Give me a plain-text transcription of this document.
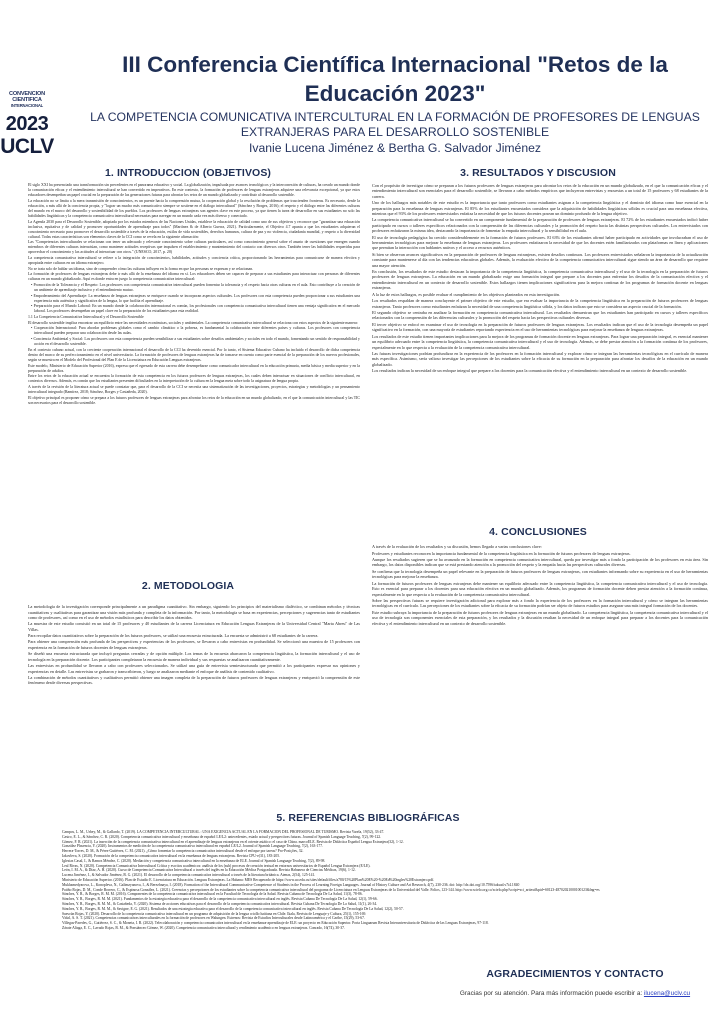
CONVENCION
CIENTIFICA
INTERNACIONAL
2023
UCLV
III Conferencia Científica Internacional "Retos de la Educación 2023"
LA COMPETENCIA COMUNICATIVA INTERCULTURAL EN LA FORMACIÓN DE PROFESORES DE LENGUAS EXTRANJERAS PARA EL DESARROLLO SOSTENIBLE
Ivanie Lucena Jiménez & Bertha G. Salvador Jiménez
1. INTRODUCCION (OBJETIVOS)

El siglo XXI ha presenciado una transformación sin precedentes en el panorama educativo y social. La globalización, impulsada por avances tecnológicos y la interconexión de culturas, ha creado un mundo donde la comunicación eficaz y el entendimiento intercultural se han convertido en imperativos. En este contexto, la formación de profesores de lenguas extranjeras adquiere una relevancia excepcional, ya que estos educadores desempeñan un papel crucial en la preparación de las generaciones futuras para afrontar los retos de un mundo globalizado y contribuir al desarrollo sostenible.

La educación no se limita a la mera transmisión de conocimientos, es un puente hacia la comprensión mutua, la cooperación global y la resolución de problemas que trascienden fronteras. Es necesario, desde la educación, a más allá de la conciencia propia, y "lograr un mucho más comunicativo siempre se sostiene en el diálogo intercultural" (Sánchez y Borges, 2016); el respeto y el diálogo entre las diferentes culturas del mundo en el marco del desarrollo y sostenibilidad de los pueblos. Los profesores de lenguas extranjeras son agentes clave en este proceso, ya que tienen la tarea de desarrollar en sus estudiantes no solo las habilidades lingüísticas y la competencia comunicativa intercultural necesarias para navegar en un mundo cada vez más diverso y conectado.

La Agenda 2030 para el Desarrollo Sostenible, adoptada por los estados miembros de las Naciones Unidas, establece la educación de calidad como uno de sus objetivos y reconoce que "garantizar una educación inclusiva, equitativa y de calidad y promover oportunidades de aprendizaje para todos" (Martínez & de Alberto Guerra, 2021). Particularmente, el Objetivo 4.7 apunta a que los estudiantes adquieran el conocimiento necesario para promover el desarrollo sostenible a través de la educación, estilos de vida sostenibles, derechos humanos, cultura de paz y no violencia, ciudadanía mundial, y respeto a la diversidad cultural. Todas estas características son elementos claves de la CCI como se revela en la siguiente afirmación:

Las "Competencias interculturales se relacionan con tener un adecuado y relevante conocimiento sobre culturas particulares, así como conocimiento general sobre el asunto de cuestiones que emergen cuando miembros de diferentes culturas interactúan, como mantener actitudes receptivas que impulsen el establecimiento y mantenimiento del contacto con diversos otros. También tener las habilidades requeridas para aprovechar el conocimiento y las actitudes al interactuar con otros." (UNESCO, 2017, p. 20)

La competencia comunicativa intercultural se refiere a la integración de conocimientos, habilidades, actitudes y conciencia crítica, proporcionando las herramientas para comunicarse de manera efectiva y apropiada entre culturas en un idioma extranjero.

No se trata solo de hablar un idioma, sino de comprender cómo las culturas influyen en la forma en que las personas se expresan y se relacionan.

La formación de profesores de lenguas extranjeras debe ir más allá de la enseñanza del idioma en sí. Los educadores deben ser capaces de preparar a sus estudiantes para interactuar con personas de diferentes culturas en un mundo globalizado. Aquí es donde entra en juego la competencia comunicativa intercultural:

• Promoción de la Tolerancia y el Respeto: Los profesores con competencia comunicativa intercultural pueden fomentar la tolerancia y el respeto hacia otras culturas en el aula. Esto contribuye a la creación de un ambiente de aprendizaje inclusivo y el entendimiento mutuo.

• Empoderamiento del Aprendizaje: La enseñanza de lenguas extranjeras se enriquece cuando se incorporan aspectos culturales. Los profesores con esta competencia pueden proporcionar a sus estudiantes una experiencia más auténtica y significativa de la lengua, lo que facilita el aprendizaje.

• Preparación para el Mundo Laboral: En un mundo donde la colaboración internacional es común, los profesionales con competencia comunicativa intercultural tienen una ventaja significativa en el mercado laboral. Los profesores desempeñan un papel clave en la preparación de los estudiantes para esta realidad.

1.1 La Competencia Comunicativa Intercultural y el Desarrollo Sostenible

El desarrollo sostenible implica encontrar un equilibrio entre las necesidades económicas, sociales y ambientales. La competencia comunicativa intercultural se relaciona con estos aspectos de la siguiente manera:

• Cooperación Internacional: Para abordar problemas globales como el cambio climático o la pobreza, es fundamental la colaboración entre diferentes países y culturas. Los profesores con competencia intercultural pueden preparar una colaboración desde las aulas.

• Conciencia Ambiental y Social: Los profesores con esta competencia pueden sensibilizar a sus estudiantes sobre desafíos ambientales y sociales en todo el mundo, fomentando un sentido de responsabilidad y acción en el desarrollo sostenible.

En el contexto cubano actual, con la creciente cooperación internacional el desarrollo de la CCI ha devenido esencial. Por lo tanto, el Sistema Educativo Cubano ha incluido el desarrollo de dicha competencia dentro del marco de su perfeccionamiento en el nivel universitario. La formación de profesores de lenguas extranjeras ha de tomarse en cuenta como parte esencial de la preparación de los nuevos profesionales, según se muestra en el Modelo del Profesional del Plan E de la Licenciatura en Educación Lenguas extranjeras.

Este modelo, Ministerio de Educación Superior (2016), expresa que el egresado de esta carrera debe desempeñarse como comunicador intercultural en la educación primaria, media básica y media superior y en la preparación de adultos.

Entre los retos de la educación actual se encuentra la formación de esta competencia en los futuros profesores de lenguas extranjeras, los cuales deben interactuar en situaciones de conflicto intercultural, en contextos diversos. Además, es común que los estudiantes presenten dificultades en la interpretación de la cultura en la lengua meta sobre todo la asignatura de lengua propia.

A través de la revisión de la literatura actual se puede constatar que, para el desarrollo de la CCI se necesita una sistematización de las investigaciones, proyectos, estrategias y metodologías y un pensamiento intercultural integrado (Ramírez, 2018; Sánchez, Borges y Castañeda, 2020).

El objetivo principal es proponer cómo se prepara a los futuros profesores de lenguas extranjeras para afrontar los retos de la educación en un mundo globalizado, en el que la comunicación intercultural y las TIC son necesarios para el desarrollo sostenible.

2. METODOLOGIA

La metodología de la investigación corresponde principalmente a un paradigma cuantitativo. Sin embargo, siguiendo los principios del materialismo dialéctico, se combinan métodos y técnicas cuantitativas y cualitativas para garantizar una visión más profunda y completa de la información. Por tanto, la metodología se basa en experiencias, percepciones y sugerencias tanto de estudiantes como de profesores, así como en el uso de métodos estadísticos para describir los datos obtenidos.

La muestra de este estudio consistió en un total de 15 profesores y 40 estudiantes de la carrera Licenciatura en Educación Lenguas Extranjeras de la Universidad Central "Marta Abreu" de Las Villas.

Para recopilar datos cuantitativos sobre la preparación de los futuros profesores, se utilizó una encuesta estructurada. La encuesta se administró a 68 estudiantes de la carrera.

Para obtener una comprensión más profunda de las perspectivas y experiencias de los profesores, se llevaron a cabo entrevistas en profundidad. Se seleccionó una muestra de 15 profesores con experiencia en la formación de futuros docentes de lenguas extranjeras.

Se diseñó una encuesta estructurada que incluyó preguntas cerradas y de opción múltiple. Los temas de la encuesta abarcaron la competencia lingüística, la formación intercultural y el uso de tecnología en la preparación docente. Los participantes completaron la encuesta de manera individual y sus respuestas se analizaron cuantitativamente.

Las entrevistas en profundidad se llevaron a cabo con profesores seleccionados. Se utilizó una guía de entrevista semiestructurada que permitió a los participantes expresar sus opiniones y experiencias en detalle. Las entrevistas se grabaron y transcribieron, y luego se analizaron mediante el enfoque de análisis de contenido cualitativo.

La combinación de métodos cuantitativos y cualitativos permitió obtener una imagen completa de la preparación de futuros profesores de lenguas extranjeras y enriqueció la comprensión de este fenómeno desde diversas perspectivas.

3. RESULTADOS Y DISCUSION

Con el propósito de investigar cómo se preparan a los futuros profesores de lenguas extranjeras para afrontar los retos de la educación en un mundo globalizado, en el que la comunicación eficaz y el entendimiento intercultural son esenciales para el desarrollo sostenible, se llevaron a cabo métodos empíricos que incluyeron entrevistas y encuestas a un total de 15 profesores y 68 estudiantes de la carrera.

Uno de los hallazgos más notables de este estudio es la importancia que tanto profesores como estudiantes asignan a la competencia lingüística y el dominio del idioma como base esencial en la preparación para la enseñanza de lenguas extranjeras. El 85% de los estudiantes encuestados considera que la adquisición de habilidades lingüísticas sólidas es crucial para una enseñanza efectiva, mientras que el 93% de los profesores entrevistados enfatiza la necesidad de que los futuros docentes posean un dominio profundo de la lengua objetivo.

La competencia comunicativa intercultural se ha convertido en un componente fundamental de la preparación de profesores de lenguas extranjeras. El 72% de los estudiantes encuestados indicó haber participado en cursos o talleres específicos relacionados con la comprensión de las diferencias culturales y la promoción del respeto hacia las distintas perspectivas culturales. Los entrevistados con profesores enfatizaron la misma idea, destacando la importancia de fomentar la empatía intercultural y la sensibilidad en el aula.

El uso de tecnología pedagógica ha crecido considerablemente en la formación de futuros profesores. El 63% de los estudiantes afirmó haber participado en actividades que involucraban el uso de herramientas tecnológicas para mejorar la enseñanza de lenguas extranjeras. Los profesores enfatizaron la necesidad de que los docentes estén familiarizados con plataformas en línea y aplicaciones que permitan la interacción con hablantes nativos y el acceso a recursos auténticos.

Si bien se observan avances significativos en la preparación de profesores de lenguas extranjeras, existen desafíos continuos. Los profesores entrevistados señalaron la importancia de la actualización constante para mantenerse al día con las tendencias educativas globales. Además, la evaluación efectiva de la competencia comunicativa intercultural sigue siendo un área de desarrollo que requiere una mayor atención.

En conclusión, los resultados de este estudio destacan la importancia de la competencia lingüística, la competencia comunicativa intercultural y el uso de la tecnología en la preparación de futuros profesores de lenguas extranjeras. La educación en un mundo globalizado exige una formación integral que prepare a los docentes para enfrentar los desafíos de la comunicación efectiva y el entendimiento intercultural en un contexto de desarrollo sostenible. Estos hallazgos tienen implicaciones significativas para la mejora continua de los programas de formación docente en lenguas extranjeras.

A la luz de estos hallazgos, es posible evaluar el cumplimiento de los objetivos planteados en esta investigación.

Los resultados respaldan de manera concluyente el primer objetivo de este estudio, que era evaluar la importancia de la competencia lingüística en la preparación de futuros profesores de lenguas extranjeras. Tanto profesores como estudiantes enfatizan la necesidad de una competencia lingüística sólida, y los datos indican que esto se considera un aspecto crucial de la formación.

El segundo objetivo se centraba en analizar la formación en competencia comunicativa intercultural. Los resultados demuestran que los estudiantes han participado en cursos y talleres específicos relacionados con la comprensión de las diferencias culturales y la promoción del respeto hacia las perspectivas culturales diversas.

El tercer objetivo se enfocó en examinar el uso de tecnología en la preparación de futuros profesores de lenguas extranjeras. Los resultados indican que el uso de la tecnología desempeña un papel significativo en la formación, con una mayoría de estudiantes reportando experiencia en el uso de herramientas tecnológicas para mejorar la enseñanza de lenguas extranjeras.

Los resultados de este estudio tienen importantes implicaciones para la mejora de los programas de formación docente en lenguas extranjeras. Para lograr una preparación integral, es esencial mantener un equilibrio adecuado entre la competencia lingüística, la competencia comunicativa intercultural y el uso de tecnología. Además, se debe prestar atención a la formación continua de los profesores, especialmente en lo que respecta a la evaluación de la competencia comunicativa intercultural.

Las futuras investigaciones podrían profundizar en la experiencia de los profesores en la formación intercultural y explorar cómo se integran las herramientas tecnológicas en el currículo de manera más específica. Asimismo, sería valioso investigar las percepciones de los estudiantes sobre la eficacia de su formación en la preparación para afrontar los desafíos de la educación en un mundo globalizado.

Los resultados indican la necesidad de un enfoque integral que prepare a los docentes para la comunicación efectiva y el entendimiento intercultural en un contexto de desarrollo sostenible.

4. CONCLUSIONES

A través de la evaluación de los resultados y su discusión, hemos llegado a varias conclusiones clave:

Profesores y estudiantes reconocen la importancia fundamental de la competencia lingüística en la formación de futuros profesores de lenguas extranjeras.

Aunque los resultados sugieren que se ha avanzado en la formación en competencia comunicativa intercultural, queda por investigar más a fondo la participación de los profesores en esta área. Sin embargo, los datos disponibles indican que se está prestando atención a la promoción del respeto y la empatía hacia las perspectivas culturales diversas.

Se confirma que la tecnología desempeña un papel relevante en la preparación de futuros profesores de lenguas extranjeras, con estudiantes informando sobre su experiencia en el uso de herramientas tecnológicas para mejorar la enseñanza.

La formación de futuros profesores de lenguas extranjeras debe mantener un equilibrio adecuado entre la competencia lingüística, la competencia comunicativa intercultural y el uso de tecnología. Esto es esencial para preparar a los docentes para una educación efectiva en un mundo globalizado. Además, los programas de formación docente deben prestar atención a la formación continua, especialmente en lo que respecta a la evaluación de la competencia comunicativa intercultural.

Sobre las perspectivas futuras se requiere investigación adicional para explorar más a fondo la experiencia de los profesores en la formación intercultural y cómo se integran las herramientas tecnológicas en el currículo. Las percepciones de los estudiantes sobre la eficacia de su formación podrían ser objeto de futuros estudios para asegurar una más integral formación de los docentes.

Este estudio subraya la importancia de la preparación de futuros profesores de lenguas extranjeras en un mundo globalizado. La competencia lingüística, la competencia comunicativa intercultural y el uso de tecnología son componentes esenciales de esta preparación, y los resultados y la discusión resaltan la necesidad de un enfoque integral para preparar a los docentes para la comunicación efectiva y el entendimiento intercultural en un contexto de desarrollo sostenible.

5. REFERENCIAS BIBLIOGRÁFICAS
Campos, L. M., Urbey, M., & Gallardo, T. (2019). LA COMPETENCIA INTERCULTURAL : UNA EXIGENCIA ACTUAL EN LA FORMACIÓN DEL PROFESIONAL DE TURISMO. Revista Varela, 19(52), 33-47.
Castro, E. L., & Sánchez, C. R. (2020). Competencia comunicativa intercultural y enseñanza de español LE/L2: antecedentes, estado actual y perspectivas futuras. Journal of Spanish Language Teaching, 7(2), 99-122.
Gómez, F. R. (2021). La inserción de la competencia comunicativa intercultural en el aprendizaje de lenguas extranjeras en el oriente asiático: el caso de China. marcoELE. Revista de Didáctica Español Lengua Extranjera(32), 1-12.
González Plasencia, Y. (2020). Instrumentos de medición de la competencia comunicativa intercultural en español LE/L2. Journal of Spanish Language Teaching, 7(2), 163-177.
Herrera-Torres, D. M., & Pérez-Gutiérrez, C. M. (2021). ¿Cómo fomentar la competencia comunicativa intercultural desde el enfoque por tareas? Pro-Posições, 32.
Iakovleva, S. (2020). Formación de la competencia comunicativa intercultural en la enseñanza de lenguas extranjeras. Revista CPU-e(31), 183-205.
Iglesias Casal, I., & Ramos Méndez, C. (2020). Mediación y competencia comunicativa intercultural en la enseñanza de ELE. Journal of Spanish Language Teaching, 7(2), 89-98.
Leal Rivas, N. (2020). Competencia Comunicativa Intercultural Crítica y escritos académicos: análisis de los (sub) procesos de creación textual en entornos universitarios de Español Lengua Extranjera (E/LE).
León, I. M. A., & Díaz, A. H. (2020). Curso de Competencia Comunicativa Intercultural a través del inglés en la Educación Médica Postgraduada. Revista Habanera de Ciencias Médicas, 19(6), 1-12.
Lucena Jiménez, I., & Salvador Jiménez, B. G. (2021). El desarrollo de la competencia comunicativa intercultural a través de la literatura británica. Atenas, 2(54), 125-141.
Ministerio de Educación Superior. (2016). Plan de Estudio E. Licenciatura en Educación. Lenguas Extranjeras. La Habana: MES Recuperado de https://www.uo.edu.cu/sites/default/files/a780/15%20Plan%20E%20-%20Ed%20ingles%20Extranjero.pdf.
Mukhamedyarova, L., Konopleva, N., Galimzyanova, I., & Berezhnaya, I. (2018). Formation of the Intercultural Communicative Competence of Students in the Process of Learning Foreign Languages. Journal of History Culture and Art Research, 4(7), 230-236. doi: http://dx.doi.org/10.7596/taksad.v7i4.1840
Patiño Rojas, D. M., Conde Borrero, C., & Espinosa González, L. (2021). Creencias y percepciones de los estudiantes sobre la competencia comunicativa intercultural del programa de Licenciatura en Lenguas Extranjeras de la Universidad del Valle. Folios, 123-144. http://www.scielo.org.co/scielo.php?script=sci_arttext&pid=S0123-48702021000100123&lng=es
Sánchez, Y. R., & Borges, R. M. M. (2016). Componentes de la competencia comunicativa intercultural en la Facultad de Tecnología de la Salud. Revista Cubana de Tecnología De La Salud, 11(3), 78-86.
Sánchez, Y. R., Borges, R. M. M. (2021). Fundamentos de la estrategia educativa para el desarrollo de la competencia comunicativa intercultural en inglés. Revista Cubana De Tecnología De La Salud, 12(1), 59-66.
Sánchez, Y. R., Borges, R. M. M., & Castañeda, Y. (2020). Sistema de acciones educativas para el desarrollo de la competencia comunicativa intercultural. Revista Cubana De Tecnología De La Salud, 11(1), 26-34.
Sánchez, Y. R., Borges, R. M. M., & Savigne, E. G. (2021). Resultados de una estrategia educativa para el desarrollo de la competencia comunicativa intercultural en inglés. Revista Cubana De Tecnología De La Salud, 12(2), 50-57.
Suescún Rojas, Y. (2020). Desarrollo de la competencia comunicativa intercultural en un programa de adquisición de la lengua criollo haitiana en Chile. Ikala, Revista de Lenguaje y Cultura, 25(1), 155-169.
Vidal, A. S. T. (2021). Competencias comunicativas interculturales en la formación de profesores en Walungen. Estrenos: Revista de Estudios Interculturales desde Latinoamérica y el Caribe, 15(29), 53-67.
Villegas-Paredes, G., Gutiérrez, S. C., & Moneta, I. R. (2022). Telecolaboración y competencia comunicativa intercultural en la enseñanza-aprendizaje de ELE: un proyecto en Educación Superior. Porta Linguarum Revista Interuniversitaria de Didáctica de las Lenguas Extranjeras, 97-118.
Zárate Aliaga, E. C., Lavado Rojas, B. M., & Ponsiánceo Gómez, W. (2020). Competencia comunicativa intercultural y rendimiento académico en lenguas extranjeras. Conrado, 16(74), 30-37.
AGRADECIMIENTOS Y CONTACTO
Gracias por su atención. Para más información puede escribir a: ilucena@uclv.cu
